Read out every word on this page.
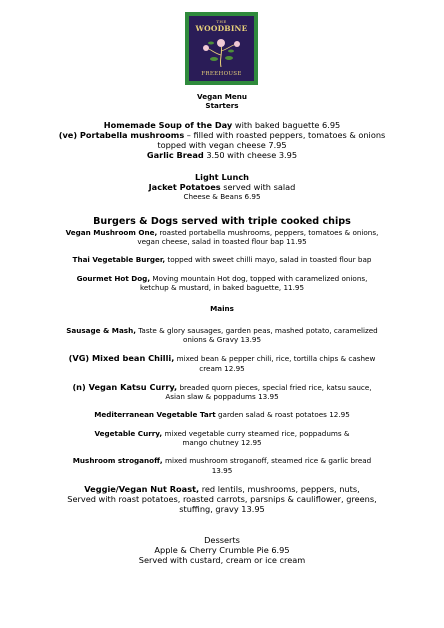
THE
WOODBINE
FREEHOUSE

Vegan Menu

Starters

Homemade Soup of the Day with baked baguette 6.95

(ve) Portabella mushrooms – filled with roasted peppers, tomatoes & onions

topped with vegan cheese 7.95

Garlic Bread 3.50 with cheese 3.95

Light Lunch

Jacket Potatoes served with salad

Cheese & Beans 6.95

Burgers & Dogs served with triple cooked chips

Vegan Mushroom One, roasted portabella mushrooms, peppers, tomatoes & onions,

vegan cheese, salad in toasted flour bap 11.95

Thai Vegetable Burger, topped with sweet chilli mayo, salad in toasted flour bap

Gourmet Hot Dog, Moving mountain Hot dog, topped with caramelized onions,

ketchup & mustard, in baked baguette, 11.95

Mains

Sausage & Mash, Taste & glory sausages, garden peas, mashed potato, caramelized

onions & Gravy 13.95

(VG) Mixed bean Chilli, mixed bean & pepper chili, rice, tortilla chips & cashew

cream 12.95

(n) Vegan Katsu Curry, breaded quorn pieces, special fried rice, katsu sauce,

Asian slaw & poppadums 13.95

Mediterranean Vegetable Tart garden salad & roast potatoes 12.95

Vegetable Curry, mixed vegetable curry steamed rice, poppadums &

mango chutney 12.95

Mushroom stroganoff, mixed mushroom stroganoff, steamed rice & garlic bread

13.95

Veggie/Vegan Nut Roast, red lentils, mushrooms, peppers, nuts,

Served with roast potatoes, roasted carrots, parsnips & cauliflower, greens,

stuffing, gravy 13.95

Desserts

Apple & Cherry Crumble Pie 6.95

Served with custard, cream or ice cream
